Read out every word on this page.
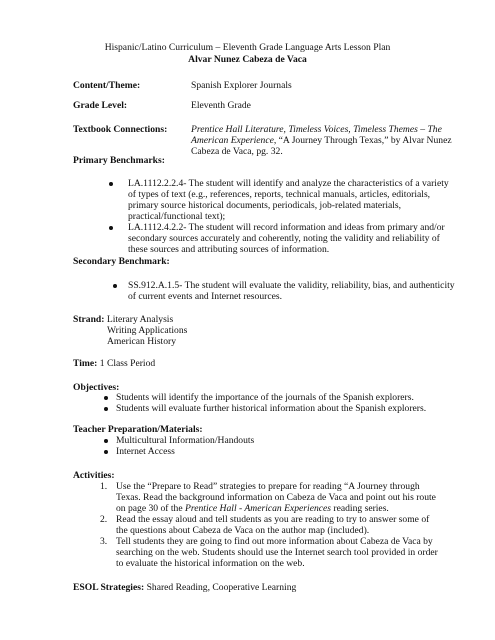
Hispanic/Latino Curriculum – Eleventh Grade Language Arts Lesson Plan
Alvar Nunez Cabeza de Vaca
Content/Theme:	Spanish Explorer Journals
Grade Level:	Eleventh Grade
Textbook Connections: Prentice Hall Literature, Timeless Voices, Timeless Themes – The
American Experience, “A Journey Through Texas,” by Alvar Nunez
Cabeza de Vaca, pg. 32.
Primary Benchmarks:
LA.1112.2.2.4- The student will identify and analyze the characteristics of a variety
of types of text (e.g., references, reports, technical manuals, articles, editorials,
primary source historical documents, periodicals, job-related materials,
practical/functional text);
LA.1112.4.2.2- The student will record information and ideas from primary and/or
secondary sources accurately and coherently, noting the validity and reliability of
these sources and attributing sources of information.
Secondary Benchmark:
SS.912.A.1.5- The student will evaluate the validity, reliability, bias, and authenticity
of current events and Internet resources.
Strand: Literary Analysis
Writing Applications
American History
Time: 1 Class Period
Objectives:
Students will identify the importance of the journals of the Spanish explorers.
Students will evaluate further historical information about the Spanish explorers.
Teacher Preparation/Materials:
Multicultural Information/Handouts
Internet Access
Activities:
1. Use the “Prepare to Read” strategies to prepare for reading “A Journey through
Texas. Read the background information on Cabeza de Vaca and point out his route
on page 30 of the Prentice Hall - American Experiences reading series.
2. Read the essay aloud and tell students as you are reading to try to answer some of
the questions about Cabeza de Vaca on the author map (included).
3. Tell students they are going to find out more information about Cabeza de Vaca by
searching on the web. Students should use the Internet search tool provided in order
to evaluate the historical information on the web.
ESOL Strategies: Shared Reading, Cooperative Learning
